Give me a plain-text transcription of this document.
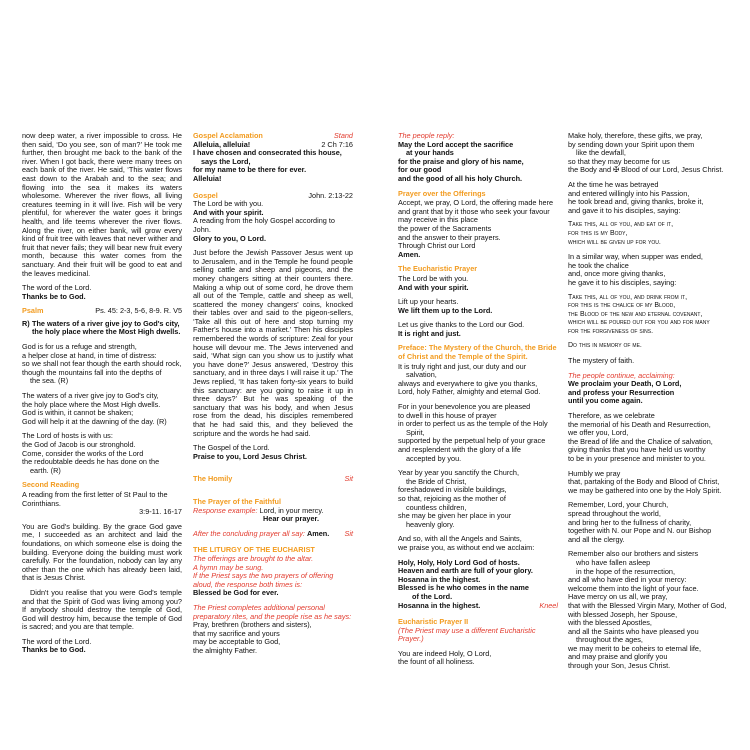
now deep water, a river impossible to cross. He then said, ‘Do you see, son of man?’ He took me further, then brought me back to the bank of the river. When I got back, there were many trees on each bank of the river. He said, ‘This water flows east down to the Arabah and to the sea; and flowing into the sea it makes its waters wholesome. Wherever the river flows, all living creatures teeming in it will live. Fish will be very plentiful, for wherever the water goes it brings health, and life teems wherever the river flows. Along the river, on either bank, will grow every kind of fruit tree with leaves that never wither and fruit that never fails; they will bear new fruit every month, because this water comes from the sanctuary. And their fruit will be good to eat and the leaves medicinal.

The word of the Lord.
Thanks be to God.

Psalm	Ps. 45: 2-3, 5-6, 8-9. R. V5
R) The waters of a river give joy to God's city, the holy place where the Most High dwells.

God is for us a refuge and strength,
a helper close at hand, in time of distress:
so we shall not fear though the earth should rock,
though the mountains fall into the depths of
the sea. (R)

The waters of a river give joy to God's city,
the holy place where the Most High dwells.
God is within, it cannot be shaken;
God will help it at the dawning of the day. (R)

The Lord of hosts is with us:
the God of Jacob is our stronghold.
Come, consider the works of the Lord
the redoubtable deeds he has done on the
earth. (R)

Second Reading
A reading from the first letter of St Paul to the Corinthians.
3:9-11. 16-17

You are God's building. By the grace God gave me, I succeeded as an architect and laid the foundations, on which someone else is doing the building. Everyone doing the building must work carefully. For the foundation, nobody can lay any other than the one which has already been laid, that is Jesus Christ.

Didn't you realise that you were God's temple and that the Spirit of God was living among you? If anybody should destroy the temple of God, God will destroy him, because the temple of God is sacred; and you are that temple.

The word of the Lord.
Thanks be to God.

Gospel Acclamation	Stand
Alleluia, alleluia!	2 Ch 7:16

I have chosen and consecrated this house,
says the Lord,
for my name to be there for ever.
Alleluia!

Gospel	John. 2:13-22

The Lord be with you.
And with your spirit.
A reading from the holy Gospel according to John.
Glory to you, O Lord.

Just before the Jewish Passover Jesus went up to Jerusalem, and in the Temple he found people selling cattle and sheep and pigeons, and the money changers sitting at their counters there. Making a whip out of some cord, he drove them all out of the Temple, cattle and sheep as well, scattered the money changers' coins, knocked their tables over and said to the pigeon-sellers, ‘Take all this out of here and stop turning my Father's house into a market.’ Then his disciples remembered the words of scripture: Zeal for your house will devour me. The Jews intervened and said, ‘What sign can you show us to justify what you have done?’ Jesus answered, ‘Destroy this sanctuary, and in three days I will raise it up.’ The Jews replied, ‘It has taken forty-six years to build this sanctuary: are you going to raise it up in three days?’ But he was speaking of the sanctuary that was his body, and when Jesus rose from the dead, his disciples remembered that he had said this, and they believed the scripture and the words he had said.

The Gospel of the Lord.
Praise to you, Lord Jesus Christ.

The Homily	Sit
The Prayer of the Faithful
Response example: Lord, in your mercy.
Hear our prayer.
After the concluding prayer all say: Amen. Sit
THE LITURGY OF THE EUCHARIST
The offerings are brought to the altar.
A hymn may be sung.
If the Priest says the two prayers of offering aloud, the response both times is:

Blessed be God for ever.

The Priest completes additional personal preparatory rites, and the people rise as he says:

Pray, brethren (brothers and sisters),
that my sacrifice and yours
may be acceptable to God,
the almighty Father.

The people reply:

May the Lord accept the sacrifice
at your hands
for the praise and glory of his name,
for our good
and the good of all his holy Church.

Prayer over the Offerings

Accept, we pray, O Lord, the offering made here and grant that by it those who seek your favour may receive in this place
the power of the Sacraments
and the answer to their prayers.
Through Christ our Lord
Amen.

The Eucharistic Prayer

The Lord be with you.
And with your spirit.

Lift up your hearts.
We lift them up to the Lord.

Let us give thanks to the Lord our God.
It is right and just.

Preface: The Mystery of the Church, the Bride of Christ and the Temple of the Spirit.

It is truly right and just, our duty and our
salvation,
always and everywhere to give you thanks,
Lord, holy Father, almighty and eternal God.

For in your benevolence you are pleased
to dwell in this house of prayer
in order to perfect us as the temple of the Holy
Spirit,
supported by the perpetual help of your grace
and resplendent with the glory of a life
accepted by you.

Year by year you sanctify the Church,
the Bride of Christ,
foreshadowed in visible buildings,
so that, rejoicing as the mother of
countless children,
she may be given her place in your
heavenly glory.

And so, with all the Angels and Saints,
we praise you, as without end we acclaim:

Holy, Holy, Holy Lord God of hosts.
Heaven and earth are full of your glory.
Hosanna in the highest.
Blessed is he who comes in the name
of the Lord.
Hosanna in the highest.	Kneel
Eucharistic Prayer II
(The Priest may use a different Eucharistic Prayer.)

You are indeed Holy, O Lord,
the fount of all holiness.

Make holy, therefore, these gifts, we pray,
by sending down your Spirit upon them
like the dewfall,
so that they may become for us
the Body and ✠ Blood of our Lord, Jesus Christ.

At the time he was betrayed
and entered willingly into his Passion,
he took bread and, giving thanks, broke it,
and gave it to his disciples, saying:

Take this, all of you, and eat of it,
for this is my Body,
which will be given up for you.

In a similar way, when supper was ended,
he took the chalice
and, once more giving thanks,
he gave it to his disciples, saying:

Take this, all of you, and drink from it,
for this is the chalice of my Blood,
the Blood of the new and eternal covenant,
which will be poured out for you and for many
for the forgiveness of sins.

Do this in memory of me.

The mystery of faith.

The people continue, acclaiming:

We proclaim your Death, O Lord,
and profess your Resurrection
until you come again.

Therefore, as we celebrate
the memorial of his Death and Resurrection,
we offer you, Lord,
the Bread of life and the Chalice of salvation,
giving thanks that you have held us worthy
to be in your presence and minister to you.

Humbly we pray
that, partaking of the Body and Blood of Christ,
we may be gathered into one by the Holy Spirit.

Remember, Lord, your Church,
spread throughout the world,
and bring her to the fullness of charity,
together with N. our Pope and N. our Bishop
and all the clergy.

Remember also our brothers and sisters
who have fallen asleep
in the hope of the resurrection,
and all who have died in your mercy:
welcome them into the light of your face.
Have mercy on us all, we pray,
that with the Blessed Virgin Mary, Mother of God,
with blessed Joseph, her Spouse,
with the blessed Apostles,
and all the Saints who have pleased you
throughout the ages,
we may merit to be coheirs to eternal life,
and may praise and glorify you
through your Son, Jesus Christ.
